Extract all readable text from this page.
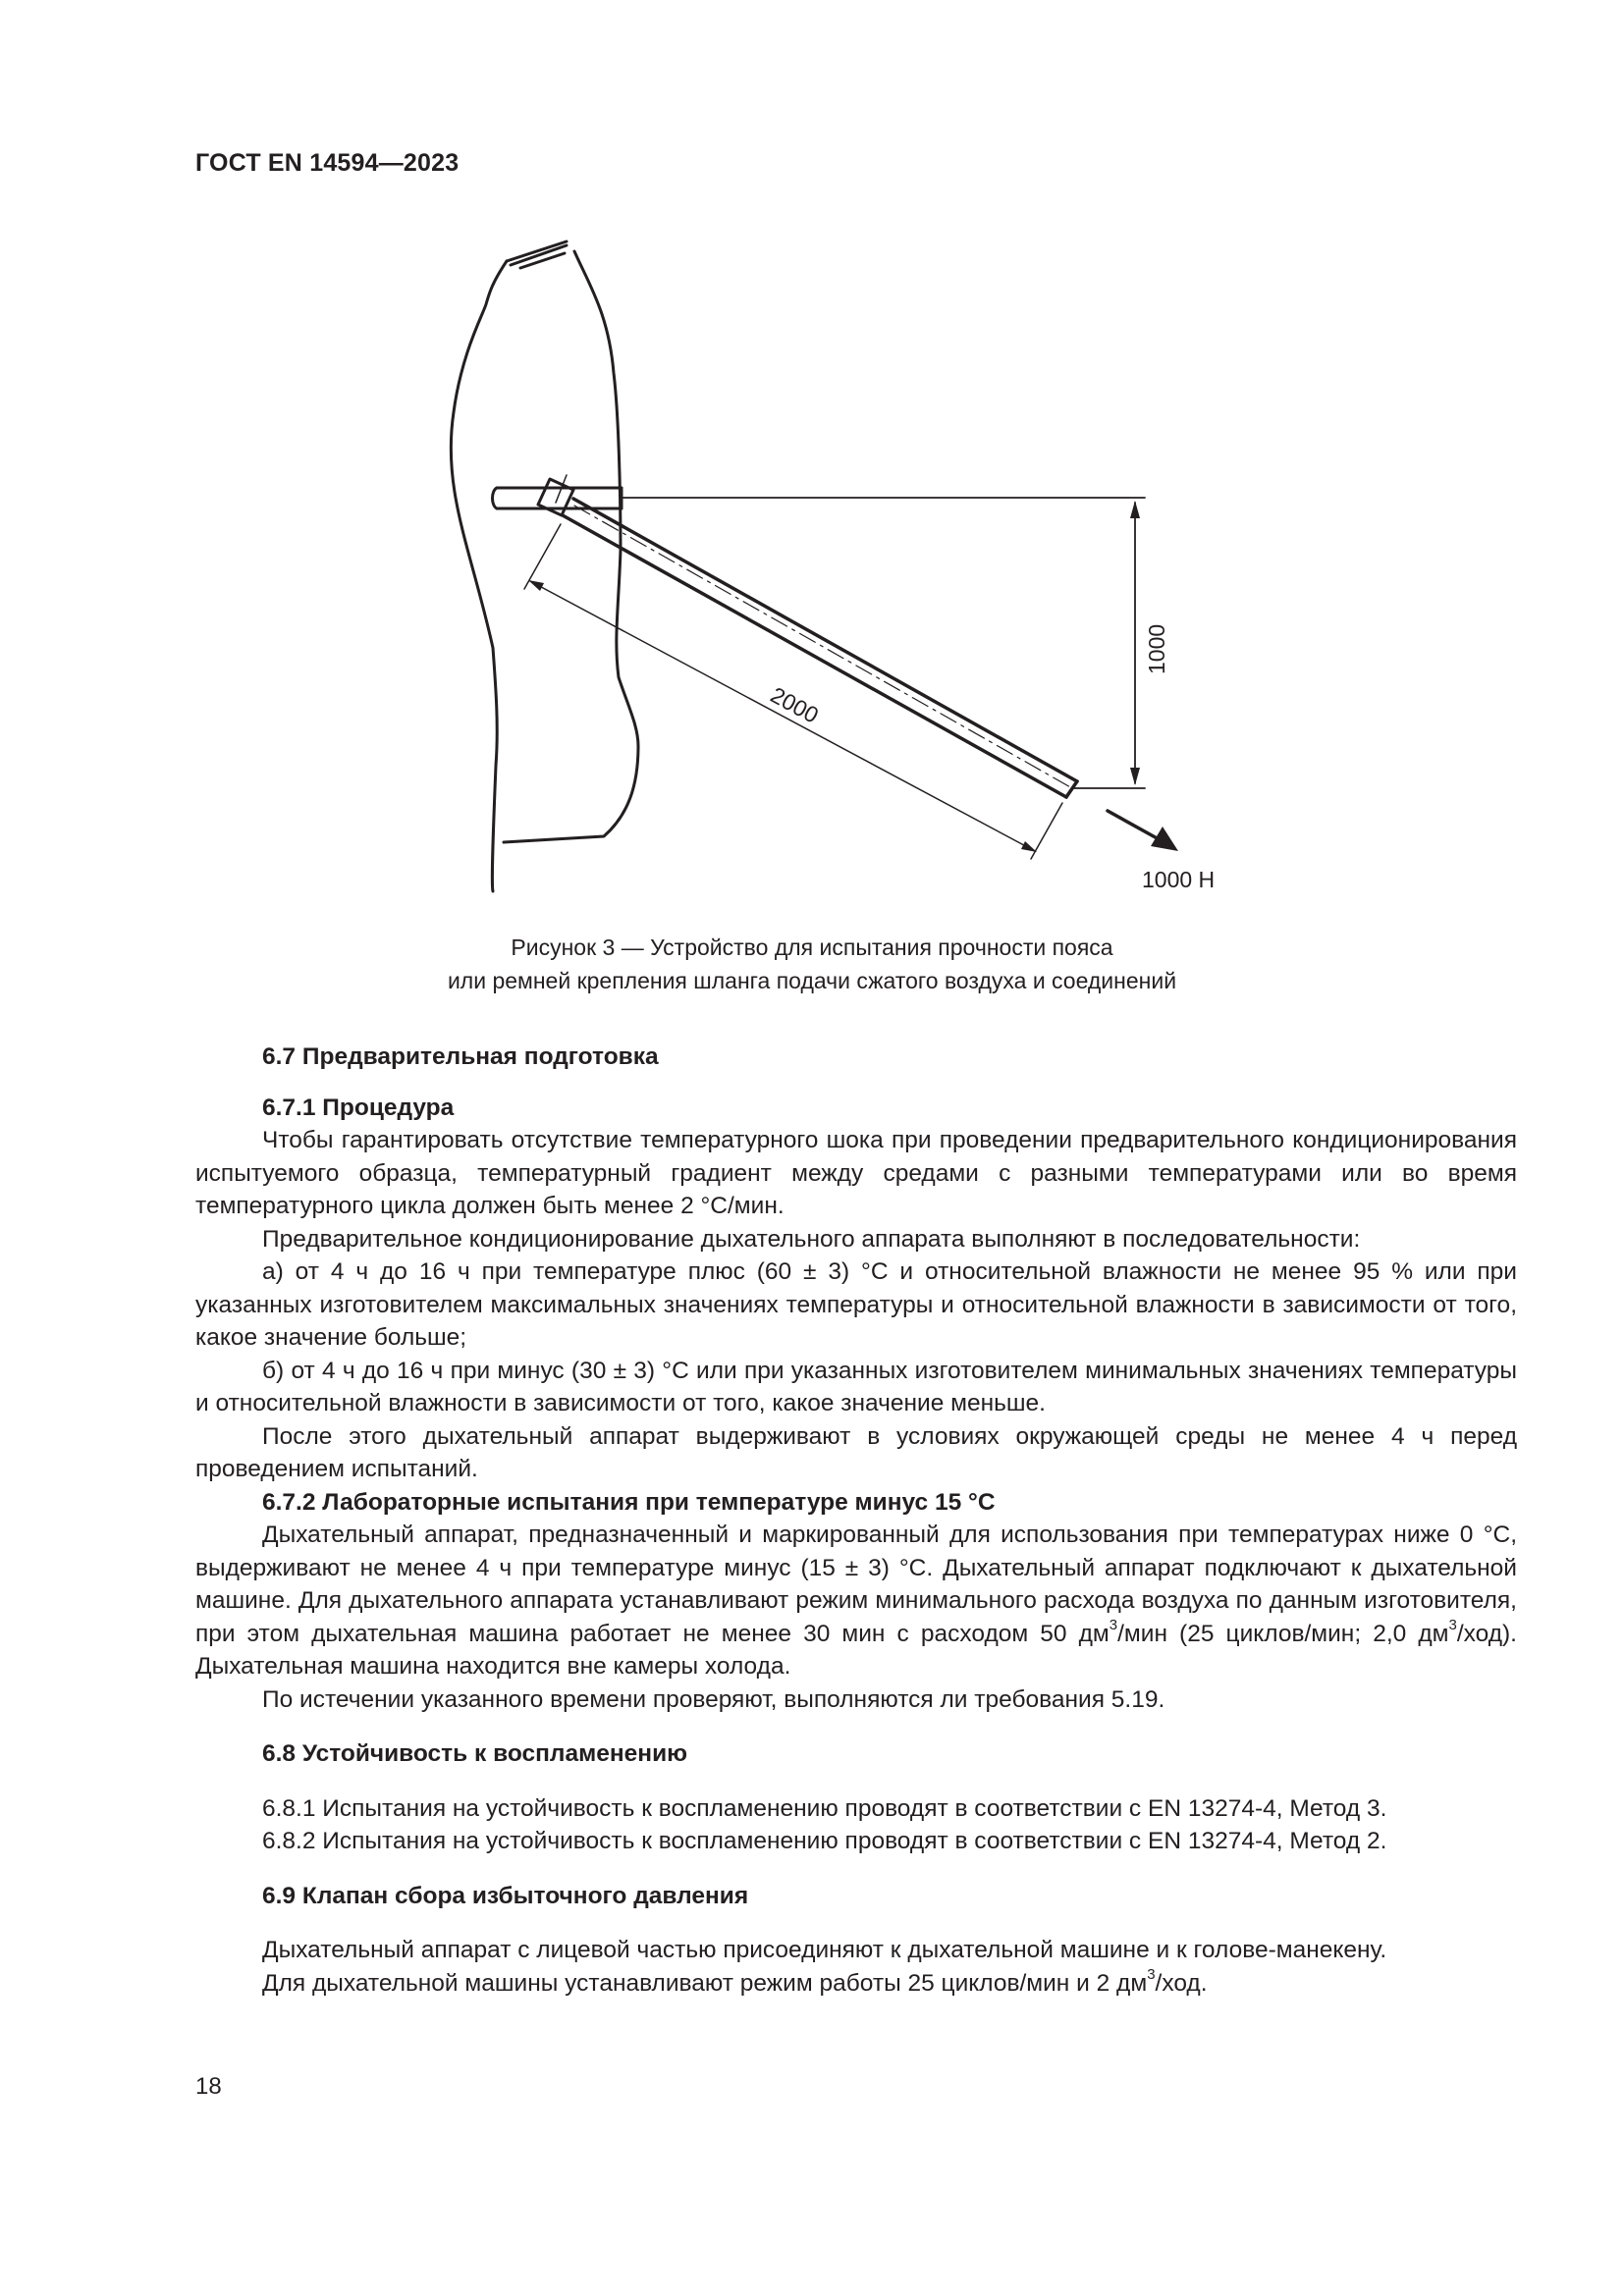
ГОСТ EN 14594—2023
2000
1000
1000 Н
Рисунок 3 — Устройство для испытания прочности пояса
или ремней крепления шланга подачи сжатого воздуха и соединений
6.7 Предварительная подготовка
6.7.1 Процедура

Чтобы гарантировать отсутствие температурного шока при проведении предварительного кондиционирования испытуемого образца, температурный градиент между средами с разными температурами или во время температурного цикла должен быть менее 2 °С/мин.

Предварительное кондиционирование дыхательного аппарата выполняют в последовательности:

а) от 4 ч до 16 ч при температуре плюс (60 ± 3) °С и относительной влажности не менее 95 % или при указанных изготовителем максимальных значениях температуры и относительной влажности в зависимости от того, какое значение больше;

б) от 4 ч до 16 ч при минус (30 ± 3) °С или при указанных изготовителем минимальных значениях температуры и относительной влажности в зависимости от того, какое значение меньше.

После этого дыхательный аппарат выдерживают в условиях окружающей среды не менее 4 ч перед проведением испытаний.

6.7.2 Лабораторные испытания при температуре минус 15 °С

Дыхательный аппарат, предназначенный и маркированный для использования при температурах ниже 0 °С, выдерживают не менее 4 ч при температуре минус (15 ± 3) °С. Дыхательный аппарат подключают к дыхательной машине. Для дыхательного аппарата устанавливают режим минимального расхода воздуха по данным изготовителя, при этом дыхательная машина работает не менее 30 мин с расходом 50 $дм^3$/мин (25 циклов/мин; 2,0 $дм^3/ход$). Дыхательная машина находится вне камеры холода.

По истечении указанного времени проверяют, выполняются ли требования 5.19.

6.8 Устойчивость к воспламенению

6.8.1 Испытания на устойчивость к воспламенению проводят в соответствии с EN 13274-4, Метод 3.

6.8.2 Испытания на устойчивость к воспламенению проводят в соответствии с EN 13274-4, Метод 2.

6.9 Клапан сбора избыточного давления

Дыхательный аппарат с лицевой частью присоединяют к дыхательной машине и к голове-манекену.

Для дыхательной машины устанавливают режим работы 25 циклов/мин и 2 $дм^3$/ход.

18
